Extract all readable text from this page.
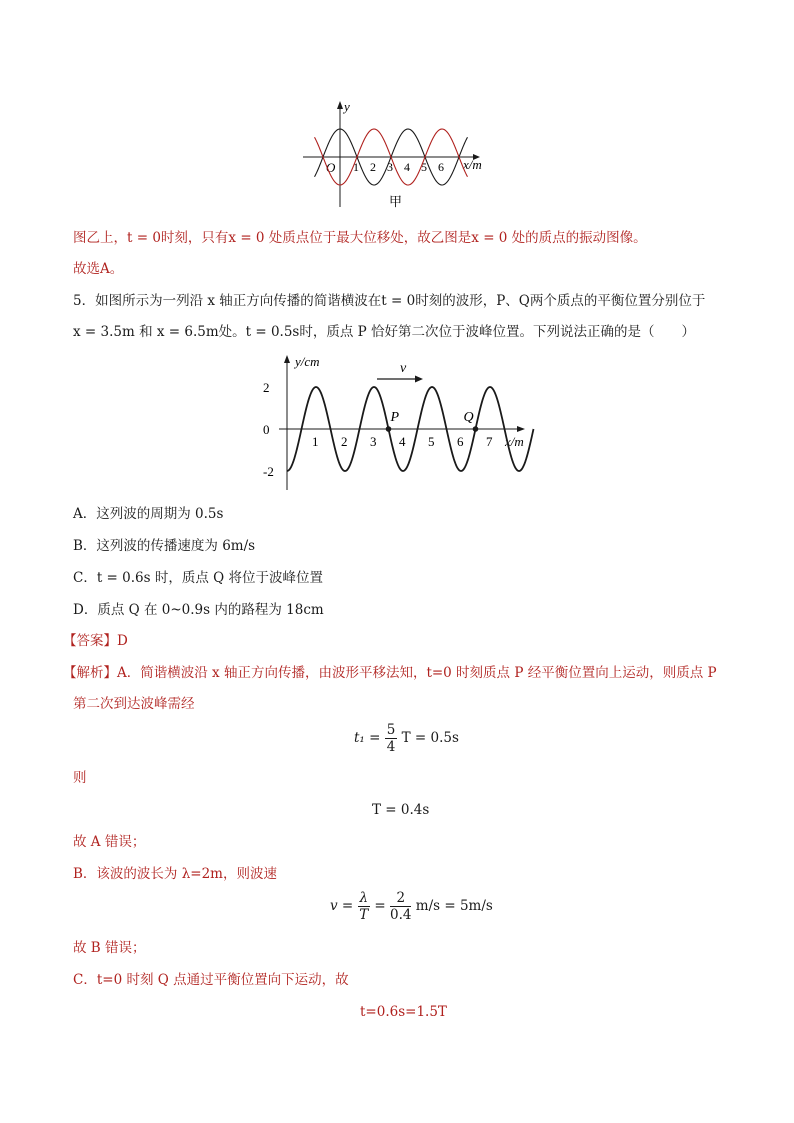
y
O	x/m
1 2 3 4 5 6
甲
图乙上，t = 0时刻，只有x = 0 处质点位于最大位移处，故乙图是x = 0 处的质点的振动图像。
故选A。
5．如图所示为一列沿 x 轴正方向传播的简谐横波在t = 0时刻的波形，P、Q两个质点的平衡位置分别位于
x = 3.5m 和 x = 6.5m处。t = 0.5s时，质点 P 恰好第二次位于波峰位置。下列说法正确的是（　　）
y/cm
x/m
2
0
-2
1 2 3 4 5 6 7
v
P	Q
A．这列波的周期为 0.5s
B．这列波的传播速度为 6m/s
C．t = 0.6s 时，质点 Q 将位于波峰位置
D．质点 Q 在 0~0.9s 内的路程为 18cm
【答案】D
【解析】A．简谐横波沿 x 轴正方向传播，由波形平移法知，t=0 时刻质点 P 经平衡位置向上运动，则质点 P
第二次到达波峰需经
$t_1 = \frac{5}{4}$ T = 0.5s
则
T = 0.4s
故 A 错误；
B．该波的波长为 λ=2m，则波速
$v = \frac{\lambda}{T} = \frac{2}{0.4} m/s = 5m/s$
故 B 错误；
C．t=0 时刻 Q 点通过平衡位置向下运动，故
t=0.6s=1.5T
